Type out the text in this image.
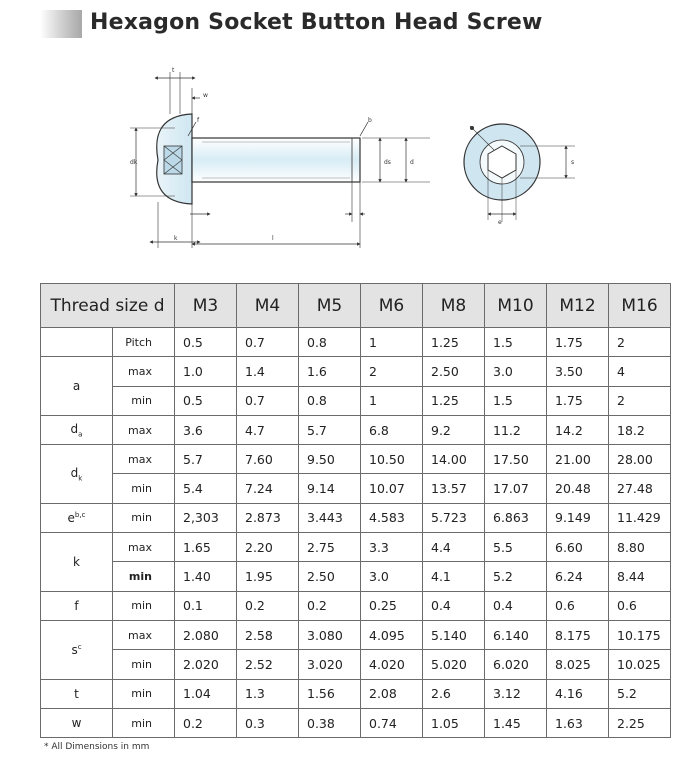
Hexagon Socket Button Head Screw
t
w
dk
f	b
ds	d
l
k
s
e
Thread size d		M3	M4	M5	M6	M8	M10	M12	M16
	Pitch	0.5	0.7	0.8	1	1.25	1.5	1.75	2
a	max	1.0	1.4	1.6	2	2.50	3.0	3.50	4
	min	0.5	0.7	0.8	1	1.25	1.5	1.75	2
$d_a$	max	3.6	4.7	5.7	6.8	9.2	11.2	14.2	18.2
$d_k$	max	5.7	7.60	9.50	10.50	14.00	17.50	21.00	28.00
	min	5.4	7.24	9.14	10.07	13.57	17.07	20.48	27.48
$e^{b,c}$	min	2,303	2.873	3.443	4.583	5.723	6.863	9.149	11.429
k	max	1.65	2.20	2.75	3.3	4.4	5.5	6.60	8.80
	min	1.40	1.95	2.50	3.0	4.1	5.2	6.24	8.44
f	min	0.1	0.2	0.2	0.25	0.4	0.4	0.6	0.6
$s^c$	max	2.080	2.58	3.080	4.095	5.140	6.140	8.175	10.175
	min	2.020	2.52	3.020	4.020	5.020	6.020	8.025	10.025
t	min	1.04	1.3	1.56	2.08	2.6	3.12	4.16	5.2
w	min	0.2	0.3	0.38	0.74	1.05	1.45	1.63	2.25
* All Dimensions in mm
